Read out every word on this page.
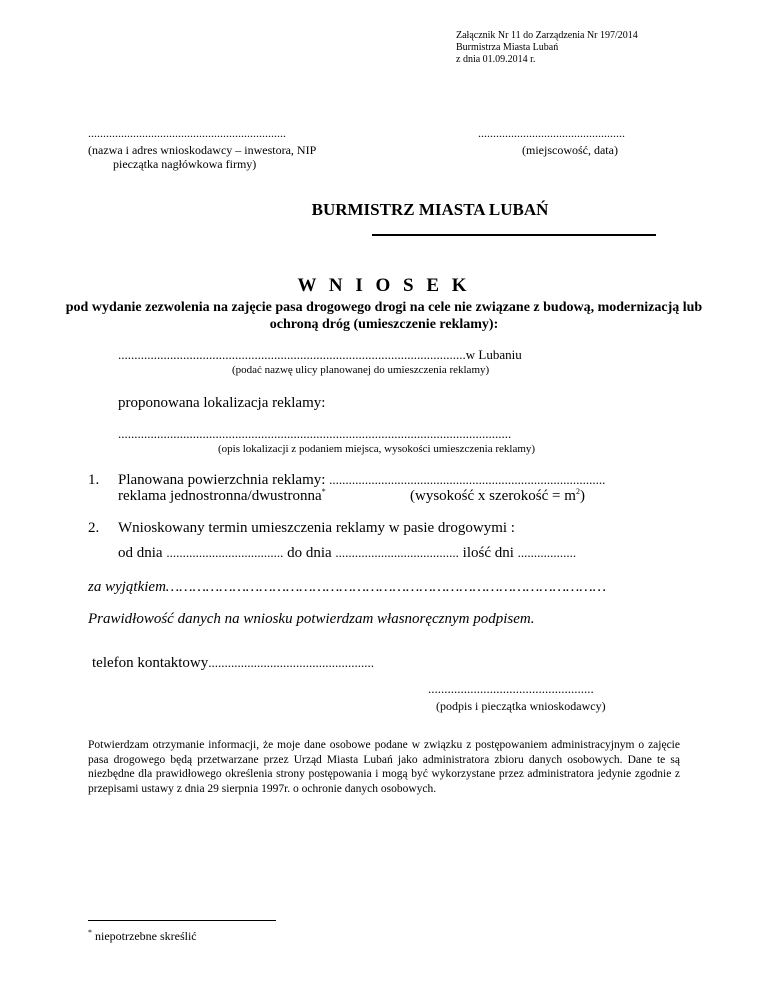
Załącznik Nr 11 do Zarządzenia Nr 197/2014
Burmistrza Miasta Lubań
z dnia 01.09.2014 r.
..................................................................
(nazwa i adres wnioskodawcy – inwestora, NIP
pieczątka nagłówkowa firmy)
.................................................
(miejscowość, data)
BURMISTRZ MIASTA LUBAŃ
W N I O S E K
pod wydanie zezwolenia na zajęcie pasa drogowego drogi na cele nie związane z budową, modernizacją lub ochroną dróg (umieszczenie reklamy):
...........................................................................................................w Lubaniu
(podać nazwę ulicy planowanej do umieszczenia reklamy)
proponowana lokalizacja reklamy:
.........................................................................................................................
(opis lokalizacji z podaniem miejsca, wysokości umieszczenia reklamy)
1. Planowana powierzchnia reklamy: .....................................................................................
reklama jednostronna/dwustronna*	(wysokość x szerokość = $m^2$)
2. Wnioskowany termin umieszczenia reklamy w pasie drogowymi :
od dnia .................................... do dnia ...................................... ilość dni ..................
za wyjątkiem………………………………………………………………………………………
Prawidłowość danych na wniosku potwierdzam własnoręcznym podpisem.
telefon kontaktowy...................................................
...................................................
(podpis i pieczątka wnioskodawcy)
Potwierdzam otrzymanie informacji, że moje dane osobowe podane w związku z postępowaniem administracyjnym o zajęcie pasa drogowego będą przetwarzane przez Urząd Miasta Lubań jako administratora zbioru danych osobowych. Dane te są niezbędne dla prawidłowego określenia strony postępowania i mogą być wykorzystane przez administratora jedynie zgodnie z przepisami ustawy z dnia 29 sierpnia 1997r. o ochronie danych osobowych.
* niepotrzebne skreślić
